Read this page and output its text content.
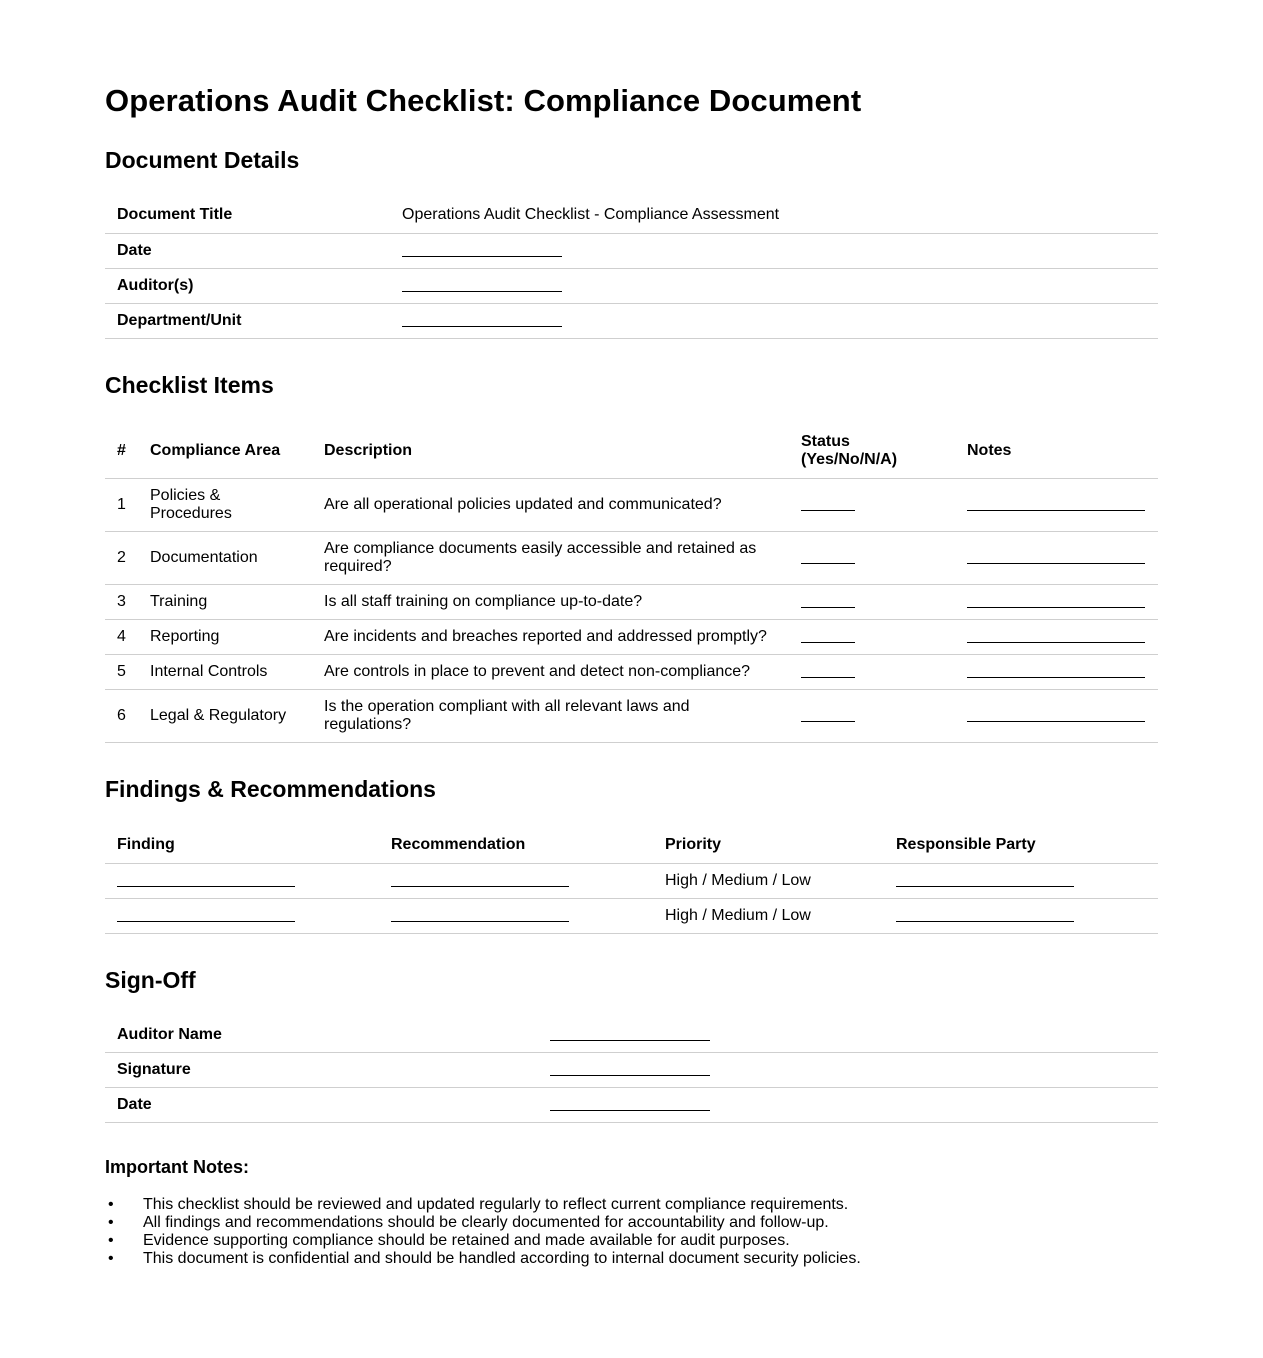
Operations Audit Checklist: Compliance Document
Document Details
Document Title	Operations Audit Checklist - Compliance Assessment
Date	
Auditor(s)	
Department/Unit	
Checklist Items
#	Compliance Area	Description	Status (Yes/No/N/A)	Notes
1	Policies & Procedures	Are all operational policies updated and communicated?		
2	Documentation	Are compliance documents easily accessible and retained as required?		
3	Training	Is all staff training on compliance up-to-date?		
4	Reporting	Are incidents and breaches reported and addressed promptly?		
5	Internal Controls	Are controls in place to prevent and detect non-compliance?		
6	Legal & Regulatory	Is the operation compliant with all relevant laws and regulations?		
Findings & Recommendations
Finding	Recommendation	Priority	Responsible Party
		High / Medium / Low	
		High / Medium / Low	
Sign-Off
Auditor Name	
Signature	
Date	
Important Notes:
• This checklist should be reviewed and updated regularly to reflect current compliance requirements.
• All findings and recommendations should be clearly documented for accountability and follow-up.
• Evidence supporting compliance should be retained and made available for audit purposes.
• This document is confidential and should be handled according to internal document security policies.
